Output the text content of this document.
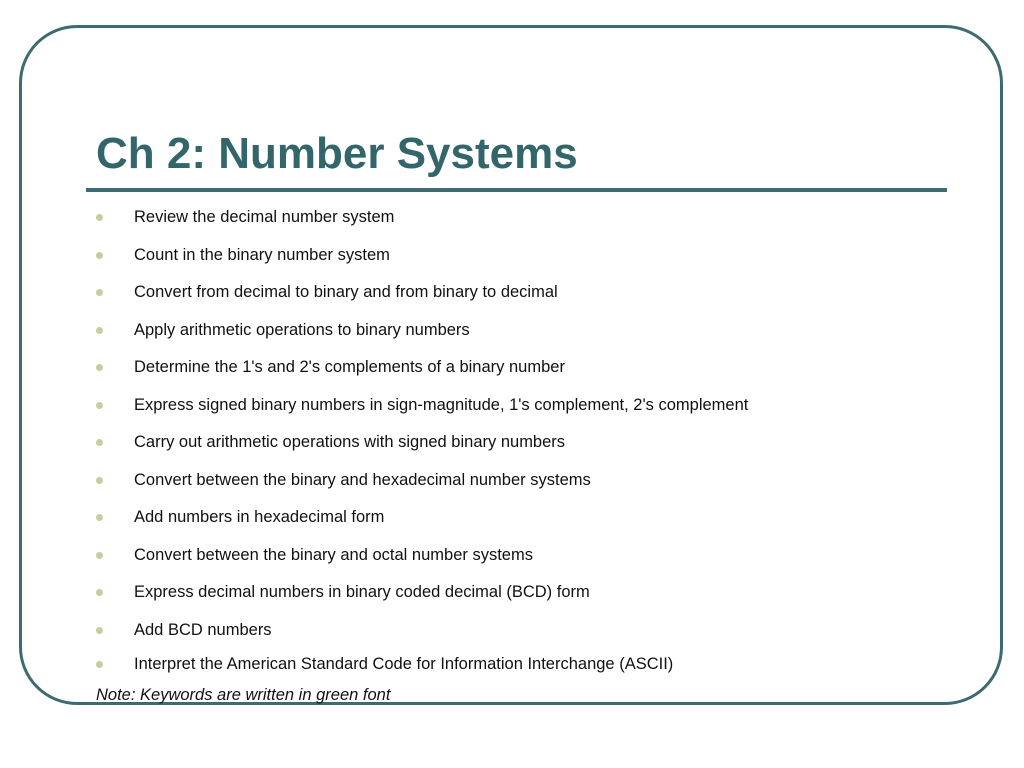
Ch 2: Number Systems
Review the decimal number system
Count in the binary number system
Convert from decimal to binary and from binary to decimal
Apply arithmetic operations to binary numbers
Determine the 1's and 2's complements of a binary number
Express signed binary numbers in sign-magnitude, 1's complement, 2's complement
Carry out arithmetic operations with signed binary numbers
Convert between the binary and hexadecimal number systems
Add numbers in hexadecimal form
Convert between the binary and octal number systems
Express decimal numbers in binary coded decimal (BCD) form
Add BCD numbers
Interpret the American Standard Code for Information Interchange (ASCII)
Note: Keywords are written in green font
